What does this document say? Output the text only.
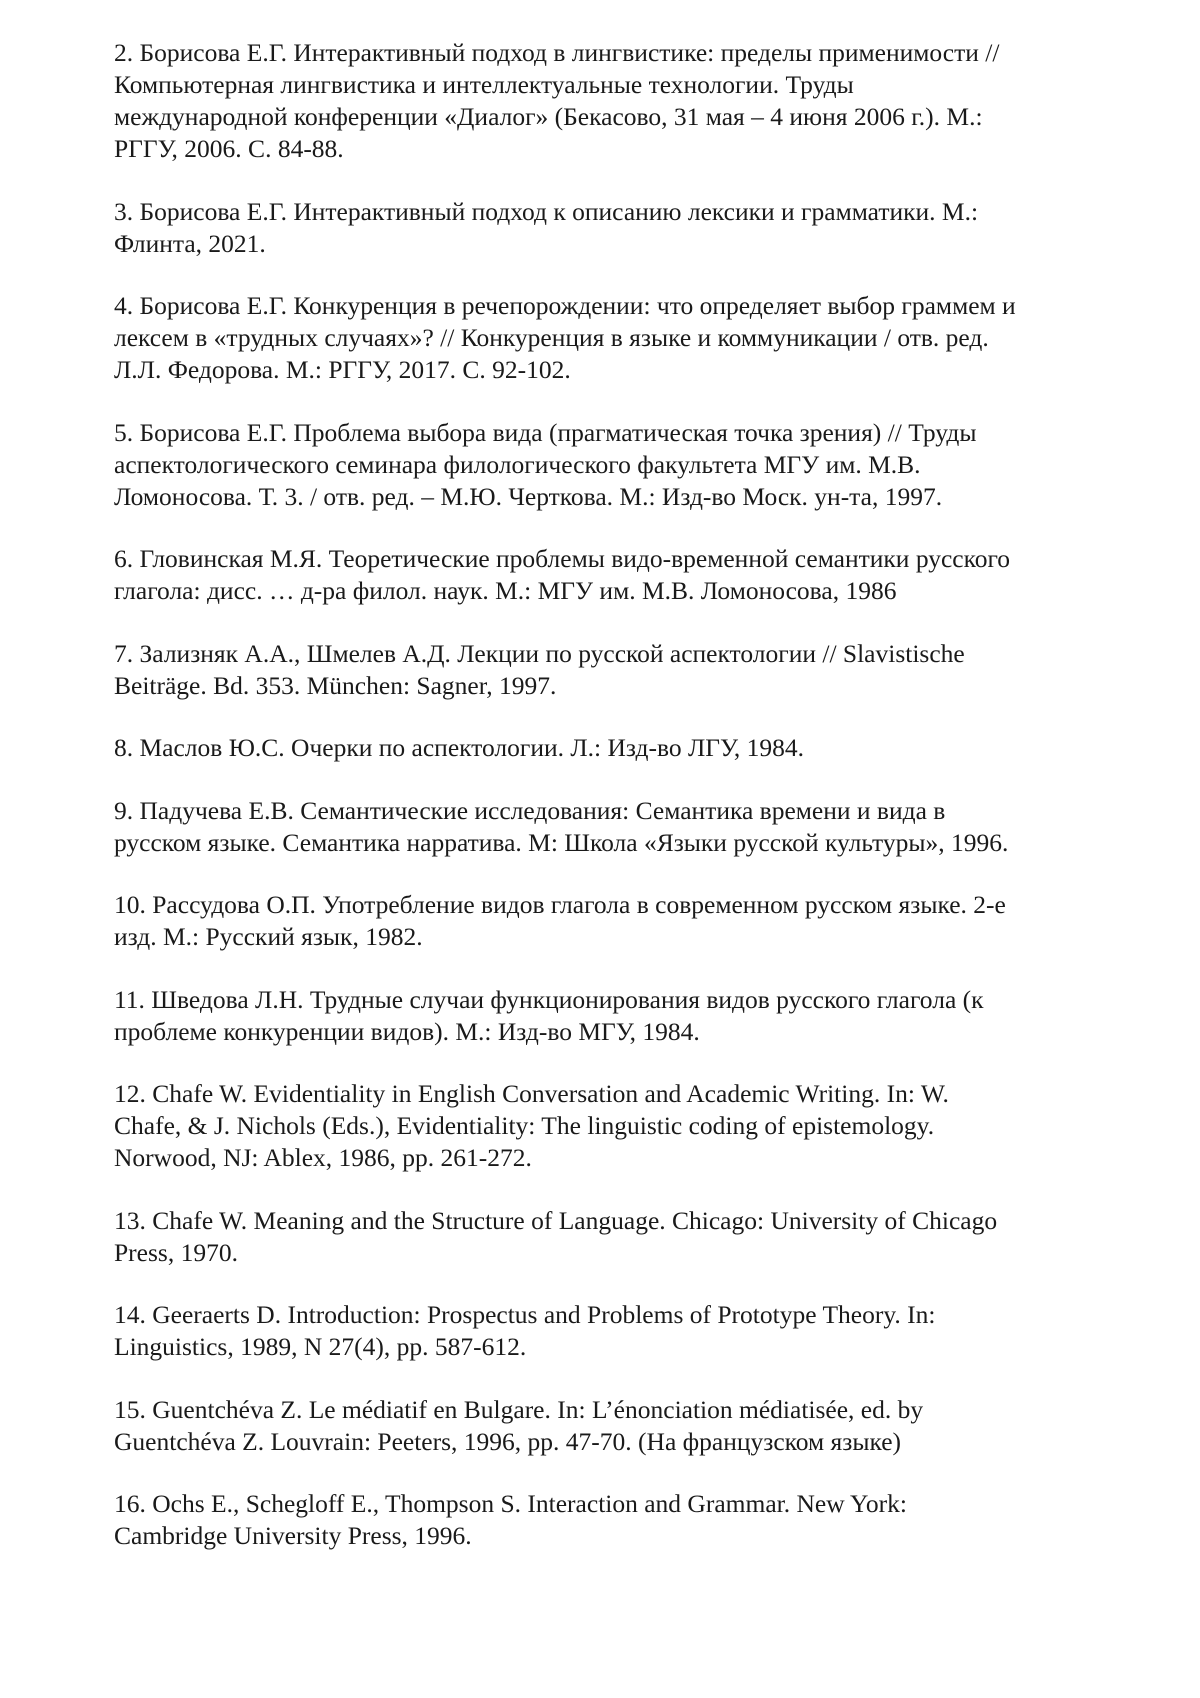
2. Борисова Е.Г. Интерактивный подход в лингвистике: пределы применимости //
Компьютерная лингвистика и интеллектуальные технологии. Труды
международной конференции «Диалог» (Бекасово, 31 мая – 4 июня 2006 г.). М.:
РГГУ, 2006. С. 84-88.
3. Борисова Е.Г. Интерактивный подход к описанию лексики и грамматики. М.:
Флинта, 2021.
4. Борисова Е.Г. Конкуренция в речепорождении: что определяет выбор граммем и
лексем в «трудных случаях»? // Конкуренция в языке и коммуникации / отв. ред.
Л.Л. Федорова. М.: РГГУ, 2017. С. 92-102.
5. Борисова Е.Г. Проблема выбора вида (прагматическая точка зрения) // Труды
аспектологического семинара филологического факультета МГУ им. М.В.
Ломоносова. Т. 3. / отв. ред. – М.Ю. Черткова. М.: Изд-во Моск. ун-та, 1997.
6. Гловинская М.Я. Теоретические проблемы видо-временной семантики русского
глагола: дисс. … д-ра филол. наук. М.: МГУ им. М.В. Ломоносова, 1986
7. Зализняк А.А., Шмелев А.Д. Лекции по русской аспектологии // Slavistische
Beiträge. Bd. 353. München: Sagner, 1997.
8. Маслов Ю.С. Очерки по аспектологии. Л.: Изд-во ЛГУ, 1984.
9. Падучева Е.В. Семантические исследования: Семантика времени и вида в
русском языке. Семантика нарратива. М: Школа «Языки русской культуры», 1996.
10. Рассудова О.П. Употребление видов глагола в современном русском языке. 2-е
изд. М.: Русский язык, 1982.
11. Шведова Л.Н. Трудные случаи функционирования видов русского глагола (к
проблеме конкуренции видов). М.: Изд-во МГУ, 1984.
12. Chafe W. Evidentiality in English Conversation and Academic Writing. In: W.
Chafe, & J. Nichols (Eds.), Evidentiality: The linguistic coding of epistemology.
Norwood, NJ: Ablex, 1986, pp. 261-272.
13. Chafe W. Meaning and the Structure of Language. Chicago: University of Chicago
Press, 1970.
14. Geeraerts D. Introduction: Prospectus and Problems of Prototype Theory. In:
Linguistics, 1989, N 27(4), pp. 587-612.
15. Guentchéva Z. Le médiatif en Bulgare. In: L’énonciation médiatisée, ed. by
Guentchéva Z. Louvrain: Peeters, 1996, pp. 47-70. (На французском языке)
16. Ochs E., Schegloff E., Thompson S. Interaction and Grammar. New York:
Cambridge University Press, 1996.
